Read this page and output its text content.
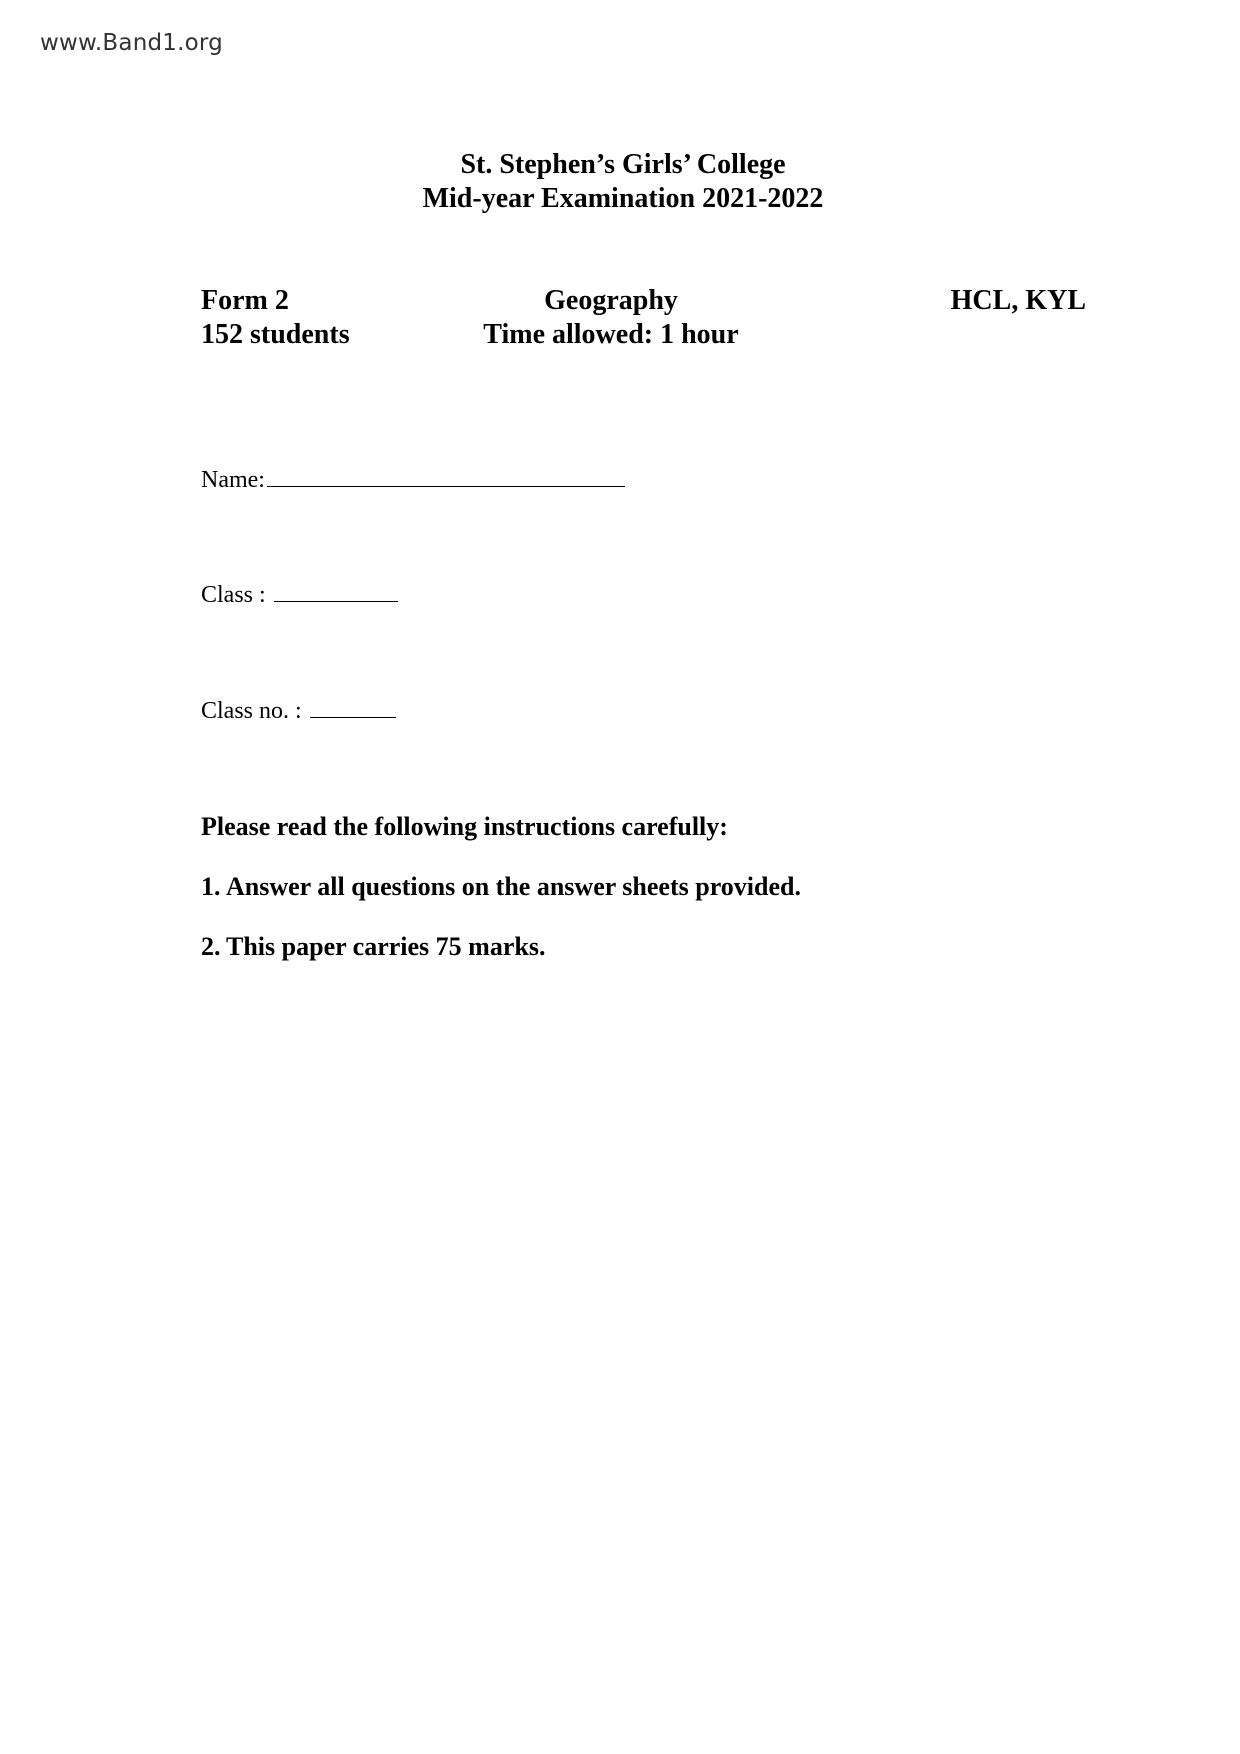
www.Band1.org
St. Stephen’s Girls’ College
Mid-year Examination 2021-2022
Form 2
152 students
Geography
Time allowed: 1 hour
HCL, KYL
Name:
Class :
Class no. :
Please read the following instructions carefully:
1. Answer all questions on the answer sheets provided.
2. This paper carries 75 marks.
